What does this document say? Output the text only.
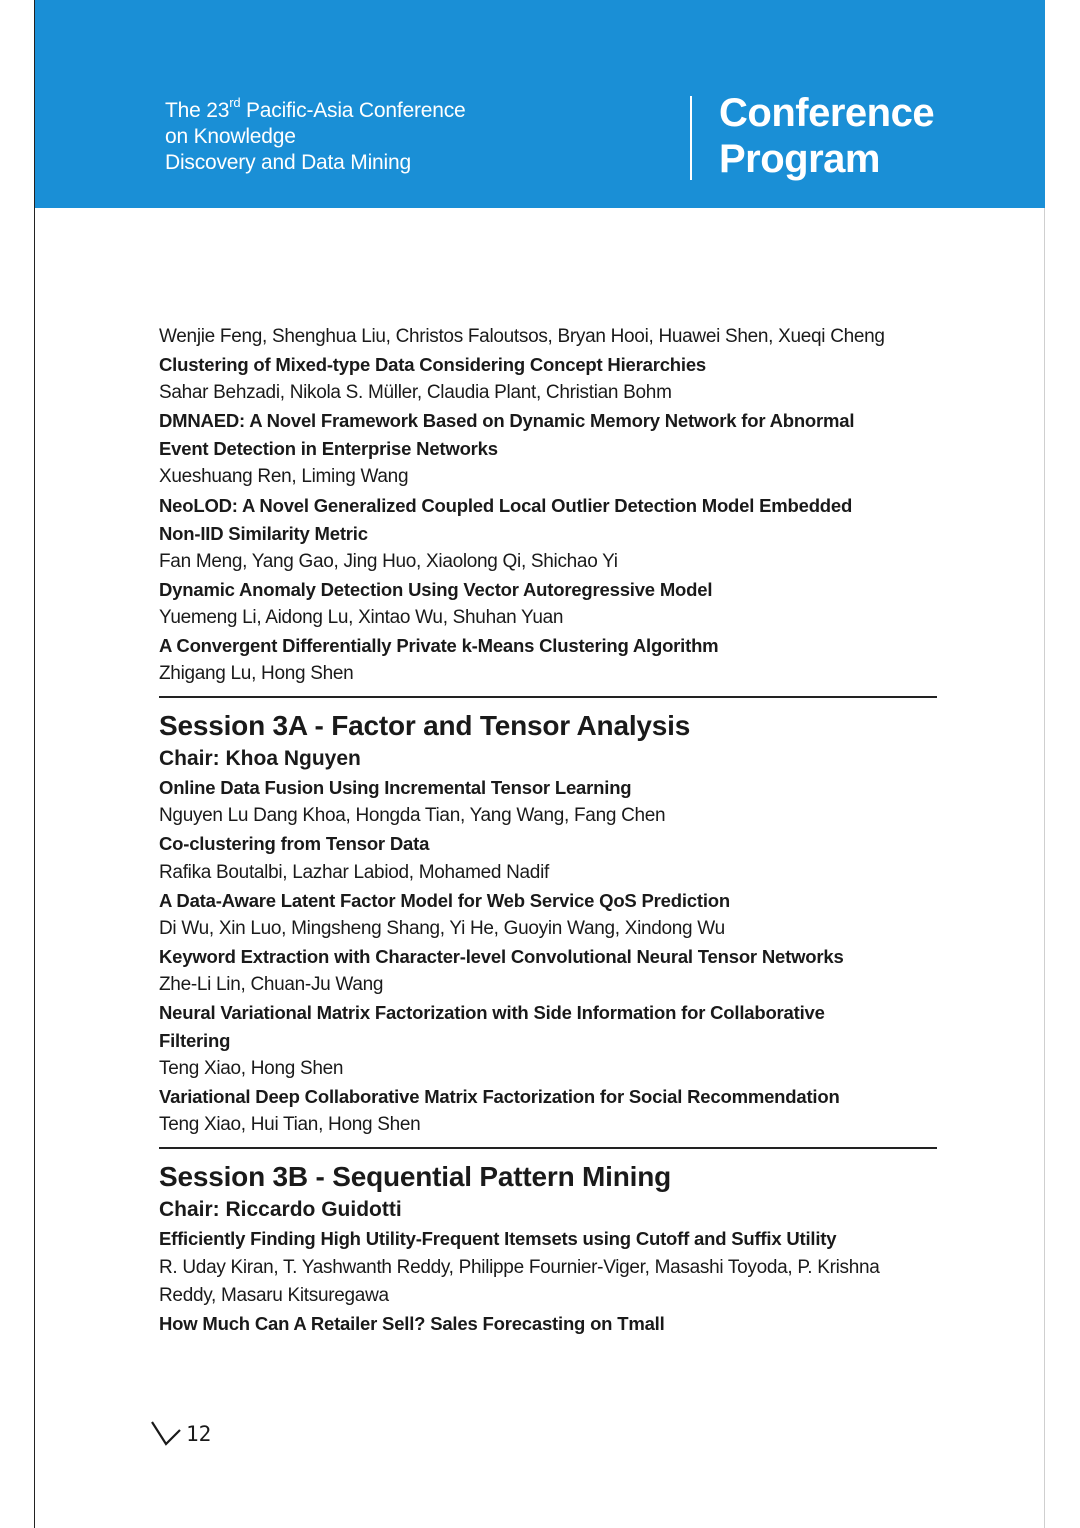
The 23rd Pacific-Asia Conference
on Knowledge
Discovery and Data Mining
Conference
Program
Wenjie Feng, Shenghua Liu, Christos Faloutsos, Bryan Hooi, Huawei Shen, Xueqi Cheng
Clustering of Mixed-type Data Considering Concept Hierarchies
Sahar Behzadi, Nikola S. Müller, Claudia Plant, Christian Bohm
DMNAED: A Novel Framework Based on Dynamic Memory Network for Abnormal
Event Detection in Enterprise Networks
Xueshuang Ren, Liming Wang
NeoLOD: A Novel Generalized Coupled Local Outlier Detection Model Embedded
Non-IID Similarity Metric
Fan Meng, Yang Gao, Jing Huo, Xiaolong Qi, Shichao Yi
Dynamic Anomaly Detection Using Vector Autoregressive Model
Yuemeng Li, Aidong Lu, Xintao Wu, Shuhan Yuan
A Convergent Differentially Private k-Means Clustering Algorithm
Zhigang Lu, Hong Shen
Session 3A - Factor and Tensor Analysis
Chair: Khoa Nguyen
Online Data Fusion Using Incremental Tensor Learning
Nguyen Lu Dang Khoa, Hongda Tian, Yang Wang, Fang Chen
Co-clustering from Tensor Data
Rafika Boutalbi, Lazhar Labiod, Mohamed Nadif
A Data-Aware Latent Factor Model for Web Service QoS Prediction
Di Wu, Xin Luo, Mingsheng Shang, Yi He, Guoyin Wang, Xindong Wu
Keyword Extraction with Character-level Convolutional Neural Tensor Networks
Zhe-Li Lin, Chuan-Ju Wang
Neural Variational Matrix Factorization with Side Information for Collaborative
Filtering
Teng Xiao, Hong Shen
Variational Deep Collaborative Matrix Factorization for Social Recommendation
Teng Xiao, Hui Tian, Hong Shen
Session 3B - Sequential Pattern Mining
Chair: Riccardo Guidotti
Efficiently Finding High Utility-Frequent Itemsets using Cutoff and Suffix Utility
R. Uday Kiran, T. Yashwanth Reddy, Philippe Fournier-Viger, Masashi Toyoda, P. Krishna
Reddy, Masaru Kitsuregawa
How Much Can A Retailer Sell? Sales Forecasting on Tmall
12
